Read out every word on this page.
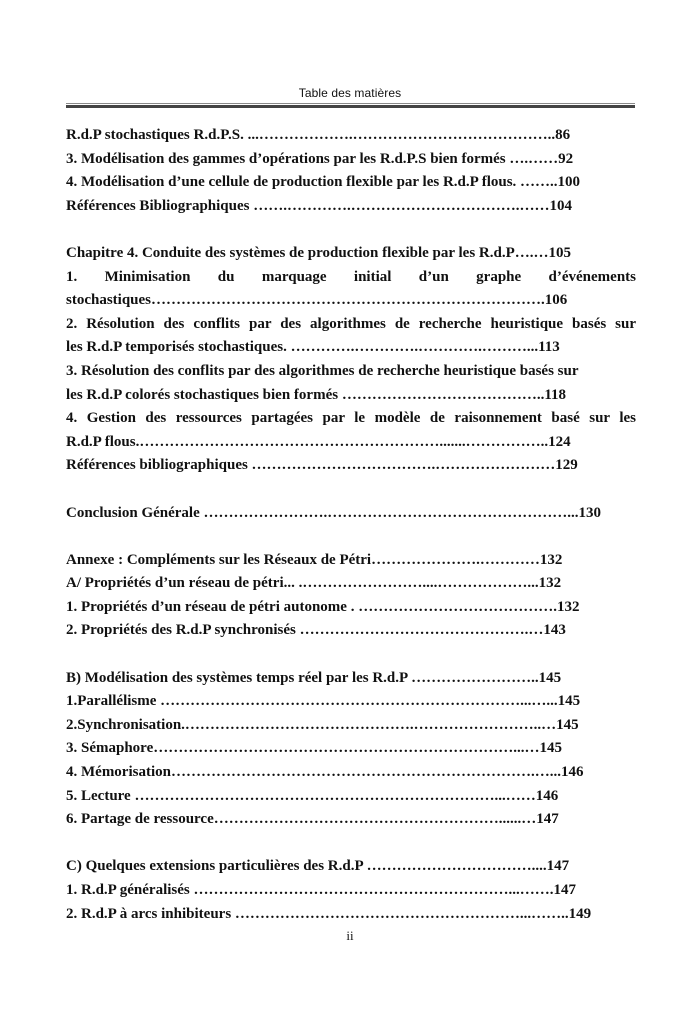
Table des matières
R.d.P stochastiques R.d.P.S. ...……………….…………………………………..86
3. Modélisation des gammes d’opérations par les R.d.P.S bien formés ….……92
4. Modélisation d’une cellule de production flexible par les R.d.P flous. ……..100
Références Bibliographiques …….………….…………………………….……104
Chapitre 4. Conduite des systèmes de production flexible par les R.d.P….…105
1. Minimisation du marquage initial d’un graphe d’événements
stochastiques…………………………………………………………………….106
2. Résolution des conflits par des algorithmes de recherche heuristique basés sur
les R.d.P temporisés stochastiques. ………….………….………….………...113
3. Résolution des conflits par des algorithmes de recherche heuristique basés sur
les R.d.P colorés stochastiques bien formés …………………………………..118
4. Gestion des ressources partagées par le modèle de raisonnement basé sur les
R.d.P flous.…………………………………………………….......……………..124
Références bibliographiques ……………………………….……………………129
Conclusion Générale …………………….…………………………………………...130
Annexe : Compléments sur les Réseaux de Pétri………………….…………132
A/ Propriétés d’un réseau de pétri... .……………………....………………...132
1. Propriétés d’un réseau de pétri autonome . ………………………………….132
2. Propriétés des R.d.P synchronisés ……………………………………….…143
B) Modélisation des systèmes temps réel par les R.d.P ……………………..145
1.Parallélisme ………………………………………………………………...…...145
2.Synchronisation.……………………………………….……………………..…145
3. Sémaphore………………………………………………………………...…145
4. Mémorisation……………………………………………………………….…...146
5. Lecture ………………………………………………………………...……146
6. Partage de ressource…………………………………………………......…147
C) Quelques extensions particulières des R.d.P ……………………………....147
1. R.d.P généralisés ………………………………………………………...…….147
2. R.d.P à arcs inhibiteurs …………………………………………………...……..149
ii
